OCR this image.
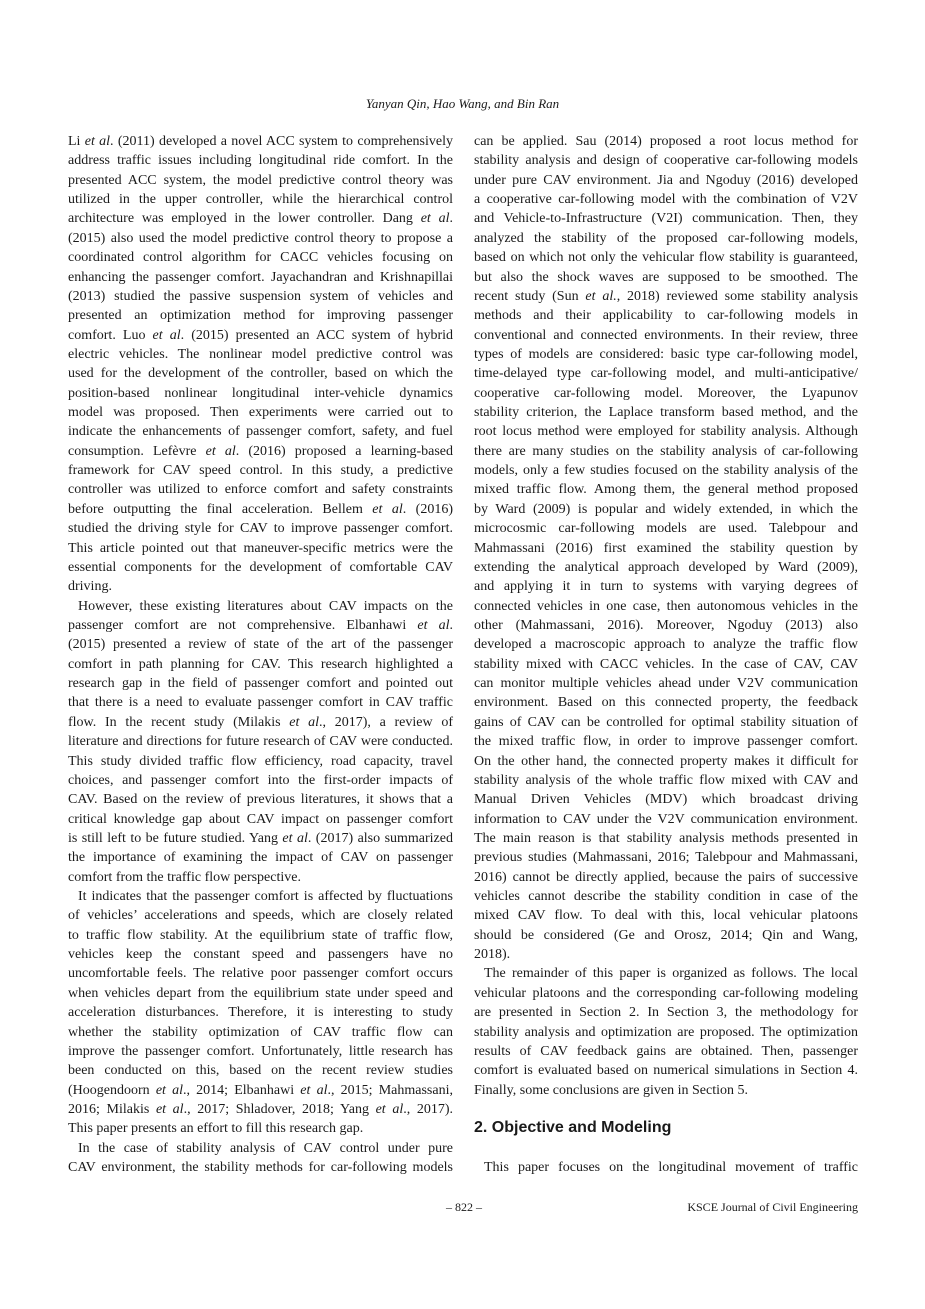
Yanyan Qin, Hao Wang, and Bin Ran
Li et al. (2011) developed a novel ACC system to comprehensively
address traffic issues including longitudinal ride comfort. In the
presented ACC system, the model predictive control theory was
utilized in the upper controller, while the hierarchical control
architecture was employed in the lower controller. Dang et al.
(2015) also used the model predictive control theory to propose a
coordinated control algorithm for CACC vehicles focusing on
enhancing the passenger comfort. Jayachandran and Krishnapillai
(2013) studied the passive suspension system of vehicles and
presented an optimization method for improving passenger
comfort. Luo et al. (2015) presented an ACC system of hybrid
electric vehicles. The nonlinear model predictive control was
used for the development of the controller, based on which the
position-based nonlinear longitudinal inter-vehicle dynamics
model was proposed. Then experiments were carried out to
indicate the enhancements of passenger comfort, safety, and fuel
consumption. Lefèvre et al. (2016) proposed a learning-based
framework for CAV speed control. In this study, a predictive
controller was utilized to enforce comfort and safety constraints
before outputting the final acceleration. Bellem et al. (2016)
studied the driving style for CAV to improve passenger comfort.
This article pointed out that maneuver-specific metrics were the
essential components for the development of comfortable CAV
driving.
However, these existing literatures about CAV impacts on the
passenger comfort are not comprehensive. Elbanhawi et al.
(2015) presented a review of state of the art of the passenger
comfort in path planning for CAV. This research highlighted a
research gap in the field of passenger comfort and pointed out
that there is a need to evaluate passenger comfort in CAV traffic
flow. In the recent study (Milakis et al., 2017), a review of
literature and directions for future research of CAV were conducted.
This study divided traffic flow efficiency, road capacity, travel
choices, and passenger comfort into the first-order impacts of
CAV. Based on the review of previous literatures, it shows that a
critical knowledge gap about CAV impact on passenger comfort
is still left to be future studied. Yang et al. (2017) also summarized
the importance of examining the impact of CAV on passenger
comfort from the traffic flow perspective.
It indicates that the passenger comfort is affected by fluctuations
of vehicles’ accelerations and speeds, which are closely related
to traffic flow stability. At the equilibrium state of traffic flow,
vehicles keep the constant speed and passengers have no
uncomfortable feels. The relative poor passenger comfort occurs
when vehicles depart from the equilibrium state under speed and
acceleration disturbances. Therefore, it is interesting to study
whether the stability optimization of CAV traffic flow can
improve the passenger comfort. Unfortunately, little research has
been conducted on this, based on the recent review studies
(Hoogendoorn et al., 2014; Elbanhawi et al., 2015; Mahmassani,
2016; Milakis et al., 2017; Shladover, 2018; Yang et al., 2017).
This paper presents an effort to fill this research gap.
In the case of stability analysis of CAV control under pure
CAV environment, the stability methods for car-following models
can be applied. Sau (2014) proposed a root locus method for
stability analysis and design of cooperative car-following models
under pure CAV environment. Jia and Ngoduy (2016) developed
a cooperative car-following model with the combination of V2V
and Vehicle-to-Infrastructure (V2I) communication. Then, they
analyzed the stability of the proposed car-following models,
based on which not only the vehicular flow stability is guaranteed,
but also the shock waves are supposed to be smoothed. The
recent study (Sun et al., 2018) reviewed some stability analysis
methods and their applicability to car-following models in
conventional and connected environments. In their review, three
types of models are considered: basic type car-following model,
time-delayed type car-following model, and multi-anticipative/
cooperative car-following model. Moreover, the Lyapunov
stability criterion, the Laplace transform based method, and the
root locus method were employed for stability analysis. Although
there are many studies on the stability analysis of car-following
models, only a few studies focused on the stability analysis of the
mixed traffic flow. Among them, the general method proposed
by Ward (2009) is popular and widely extended, in which the
microcosmic car-following models are used. Talebpour and
Mahmassani (2016) first examined the stability question by
extending the analytical approach developed by Ward (2009),
and applying it in turn to systems with varying degrees of
connected vehicles in one case, then autonomous vehicles in the
other (Mahmassani, 2016). Moreover, Ngoduy (2013) also
developed a macroscopic approach to analyze the traffic flow
stability mixed with CACC vehicles. In the case of CAV, CAV
can monitor multiple vehicles ahead under V2V communication
environment. Based on this connected property, the feedback
gains of CAV can be controlled for optimal stability situation of
the mixed traffic flow, in order to improve passenger comfort.
On the other hand, the connected property makes it difficult for
stability analysis of the whole traffic flow mixed with CAV and
Manual Driven Vehicles (MDV) which broadcast driving
information to CAV under the V2V communication environment.
The main reason is that stability analysis methods presented in
previous studies (Mahmassani, 2016; Talebpour and Mahmassani,
2016) cannot be directly applied, because the pairs of successive
vehicles cannot describe the stability condition in case of the
mixed CAV flow. To deal with this, local vehicular platoons
should be considered (Ge and Orosz, 2014; Qin and Wang,
2018).
The remainder of this paper is organized as follows. The local
vehicular platoons and the corresponding car-following modeling
are presented in Section 2. In Section 3, the methodology for
stability analysis and optimization are proposed. The optimization
results of CAV feedback gains are obtained. Then, passenger
comfort is evaluated based on numerical simulations in Section 4.
Finally, some conclusions are given in Section 5.
2. Objective and Modeling
This paper focuses on the longitudinal movement of traffic
– 822 –	KSCE Journal of Civil Engineering
